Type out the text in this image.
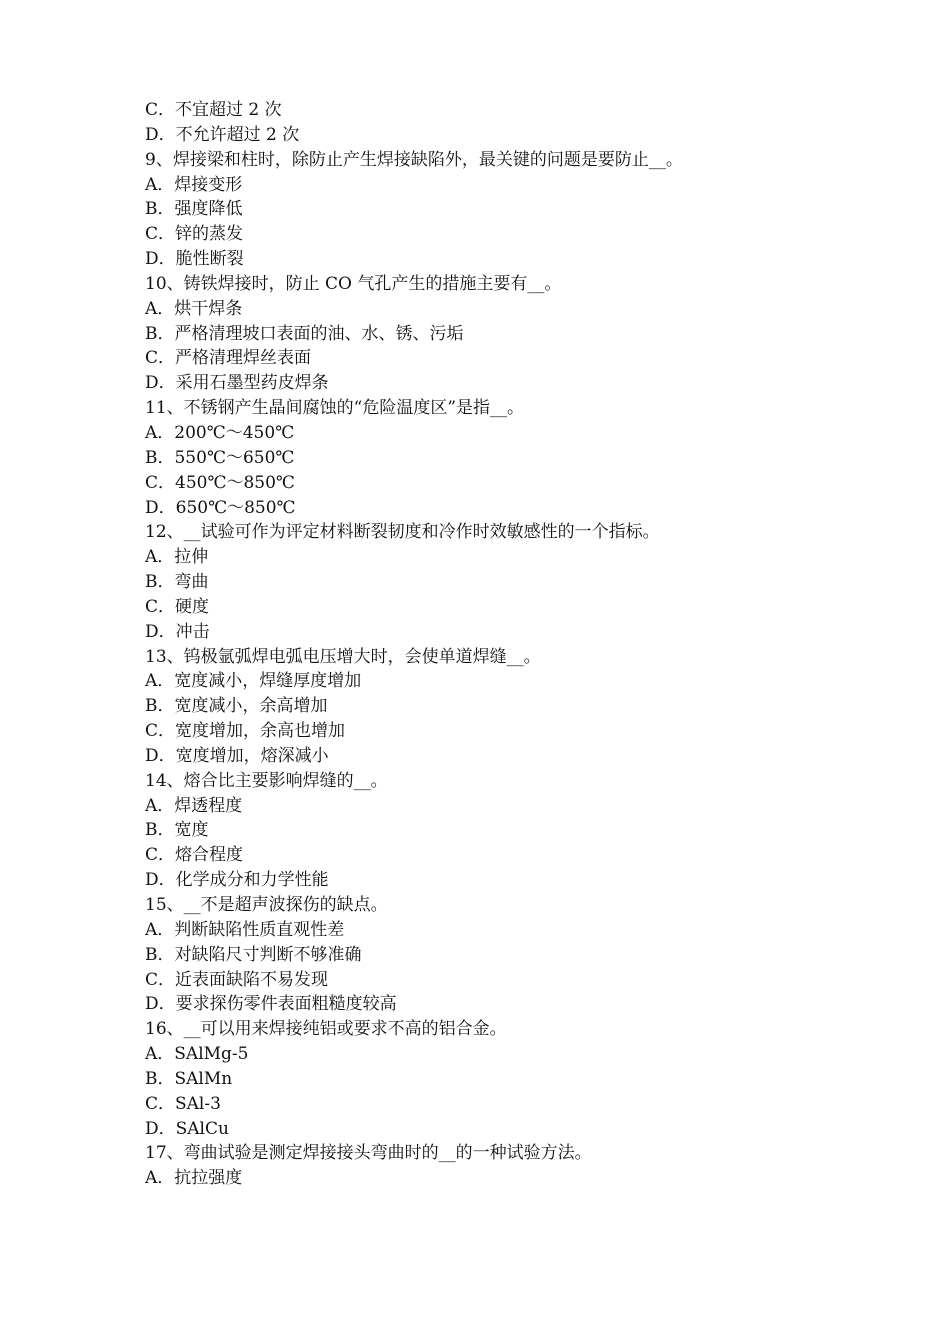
C．不宜超过 2 次
D．不允许超过 2 次
9、焊接梁和柱时，除防止产生焊接缺陷外，最关键的问题是要防止__。
A．焊接变形
B．强度降低
C．锌的蒸发
D．脆性断裂
10、铸铁焊接时，防止 CO 气孔产生的措施主要有__。
A．烘干焊条
B．严格清理坡口表面的油、水、锈、污垢
C．严格清理焊丝表面
D．采用石墨型药皮焊条
11、不锈钢产生晶间腐蚀的“危险温度区”是指__。
A．200℃～450℃
B．550℃～650℃
C．450℃～850℃
D．650℃～850℃
12、__试验可作为评定材料断裂韧度和冷作时效敏感性的一个指标。
A．拉伸
B．弯曲
C．硬度
D．冲击
13、钨极氩弧焊电弧电压增大时，会使单道焊缝__。
A．宽度减小，焊缝厚度增加
B．宽度减小，余高增加
C．宽度增加，余高也增加
D．宽度增加，熔深减小
14、熔合比主要影响焊缝的__。
A．焊透程度
B．宽度
C．熔合程度
D．化学成分和力学性能
15、__不是超声波探伤的缺点。
A．判断缺陷性质直观性差
B．对缺陷尺寸判断不够准确
C．近表面缺陷不易发现
D．要求探伤零件表面粗糙度较高
16、__可以用来焊接纯铝或要求不高的铝合金。
A．SAlMg-5
B．SAlMn
C．SAl-3
D．SAlCu
17、弯曲试验是测定焊接接头弯曲时的__的一种试验方法。
A．抗拉强度
